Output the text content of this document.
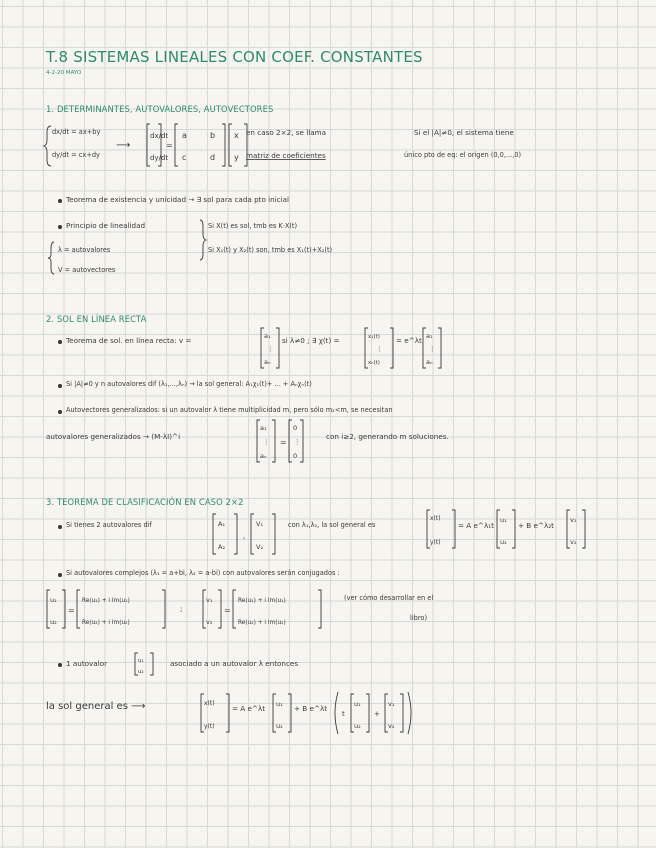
T.8 SISTEMAS LINEALES CON COEF. CONSTANTES
4-2-20 MAYO
1. DETERMINANTES, AUTOVALORES, AUTOVECTORES
dx/dt = ax+by
dy/dt = cx+dy
⟶
dx/dt
dy/dt
=
a	b
c	d
x
y
en caso 2×2, se llama
matriz de coeficientes
Si el |A|≠0, el sistema tiene
único pto de eq: el origen (0,0,...,0)
Teorema de existencia y unicidad → ∃ sol para cada pto inicial
Principio de linealidad	Si X(t) es sol, tmb es K·X(t)
Si X₁(t) y X₂(t) son, tmb es X₁(t)+X₂(t)
λ = autovalores
V = autovectores
2. SOL EN LÍNEA RECTA
Teorema de sol. en línea recta: v =	a₁
⋮
aₙ
si λ≠0 ; ∃ χ(t) =	x₁(t)
⋮
xₙ(t)
= e^λt a₁
⋮
aₙ
Si |A|≠0 y n autovalores dif (λ₁,...,λₙ) → la sol general: A₁χ₁(t)+ ... + Aₙχₙ(t)
Autovectores generalizados: si un autovalor λ tiene multiplicidad m, pero sólo m₂<m, se necesitan
autovalores generalizados → (M-λI)^i
a₁
⋮
aₙ
=
0
⋮
0
con i≥2, generando m soluciones.
3. TEOREMA DE CLASIFICACIÓN EN CASO 2×2
Si tienes 2 autovalores dif	A₁
A₂
,
V₁
V₂
con λ₁,λ₂, la sol general es
x(t)
y(t)
= A e^λ₁t
u₁
u₂
+ B e^λ₂t
v₁
v₂
Si autovalores complejos (λ₁ = a+bi, λ₂ = a-bi) con autovalores serán conjugados :
u₁
u₂
=
Re(u₁) + i Im(u₁)
Re(u₂) + i Im(u₂)
;
v₁
v₂
=
Re(u₁) + i Im(u₁)
Re(u₂) + i Im(u₂)
(ver cómo desarrollar en el
libro)
1 autovalor	u₁
u₂
asociado a un autovalor λ entonces
la sol general es ⟶	x(t)
y(t)
= A e^λt u₁
u₂
+ B e^λt
t
u₁
u₂
+
v₁
v₂
